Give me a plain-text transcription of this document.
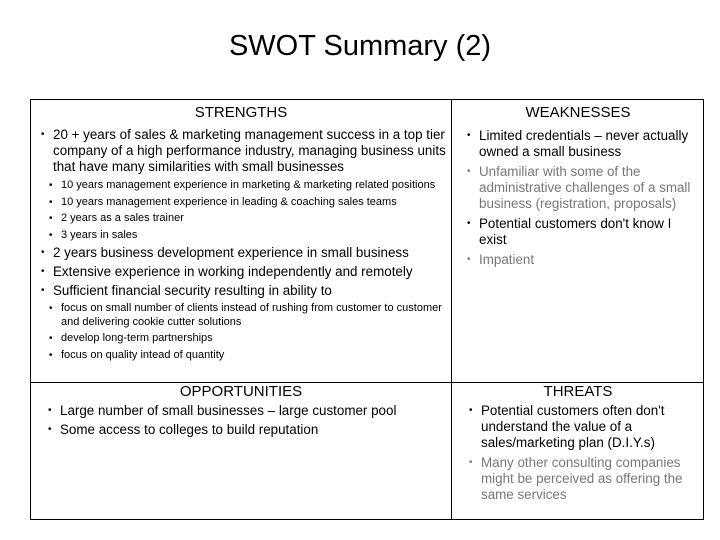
SWOT Summary (2)
STRENGTHS
• 20 + years of sales & marketing management success in a top tier company of a high performance industry, managing business units that have many similarities with small businesses
• 10 years management experience in marketing & marketing related positions
• 10 years management experience in leading & coaching sales teams
• 2 years as a sales trainer
• 3 years in sales
• 2 years business development experience in small business
• Extensive experience in working independently and remotely
• Sufficient financial security resulting in ability to
• focus on small number of clients instead of rushing from customer to customer and delivering cookie cutter solutions
• develop long-term partnerships
• focus on quality intead of quantity
WEAKNESSES
• Limited credentials – never actually owned a small business
• Unfamiliar with some of the administrative challenges of a small business (registration, proposals)
• Potential customers don't know I exist
• Impatient
OPPORTUNITIES
• Large number of small businesses – large customer pool
• Some access to colleges to build reputation
THREATS
• Potential customers often don't understand the value of a sales/marketing plan (D.I.Y.s)
• Many other consulting companies might be perceived as offering the same services
